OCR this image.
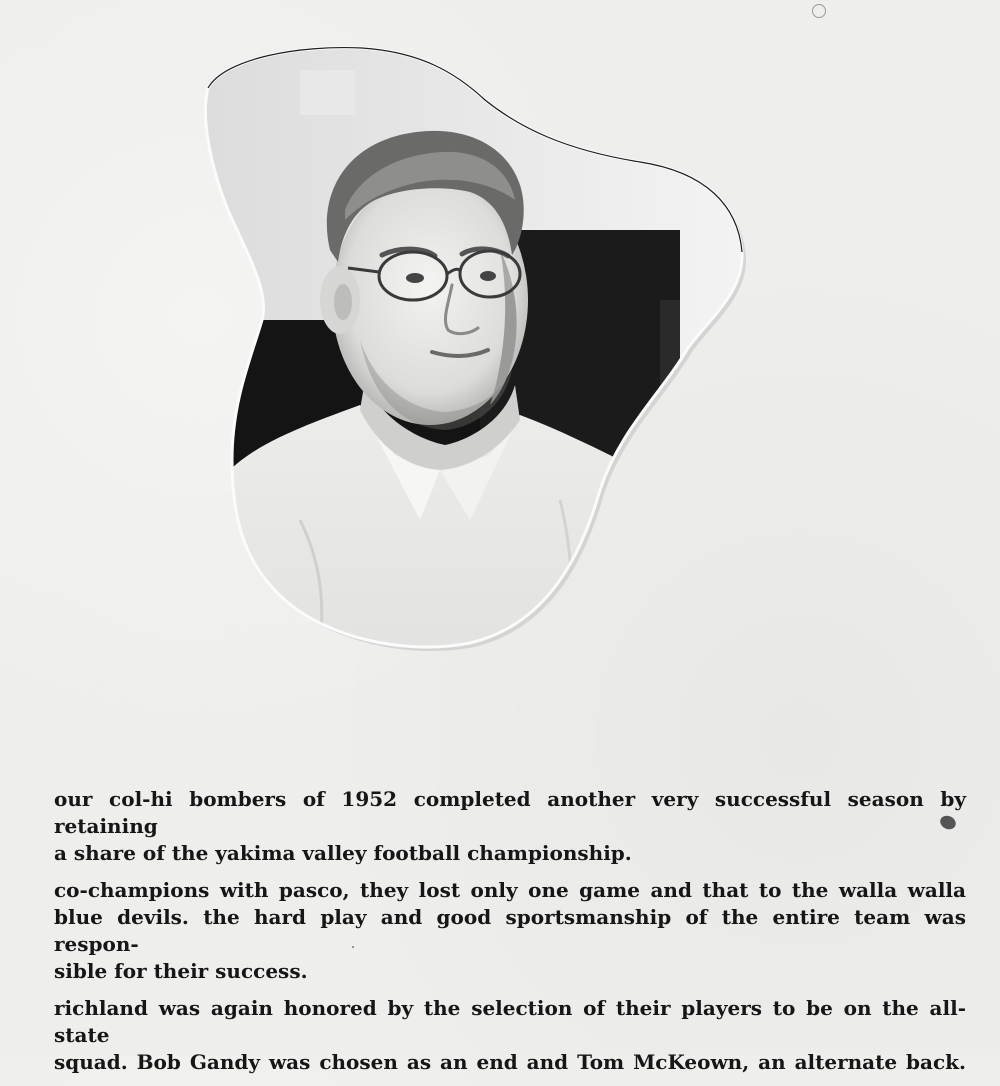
our col-hi bombers of 1952 completed another very successful season by retaining
a share of the yakima valley football championship.

co-champions with pasco, they lost only one game and that to the walla walla
blue devils. the hard play and good sportsmanship of the entire team was respon-
sible for their success.

richland was again honored by the selection of their players to be on the all-state
squad. Bob Gandy was chosen as an end and Tom McKeown, an alternate back.
